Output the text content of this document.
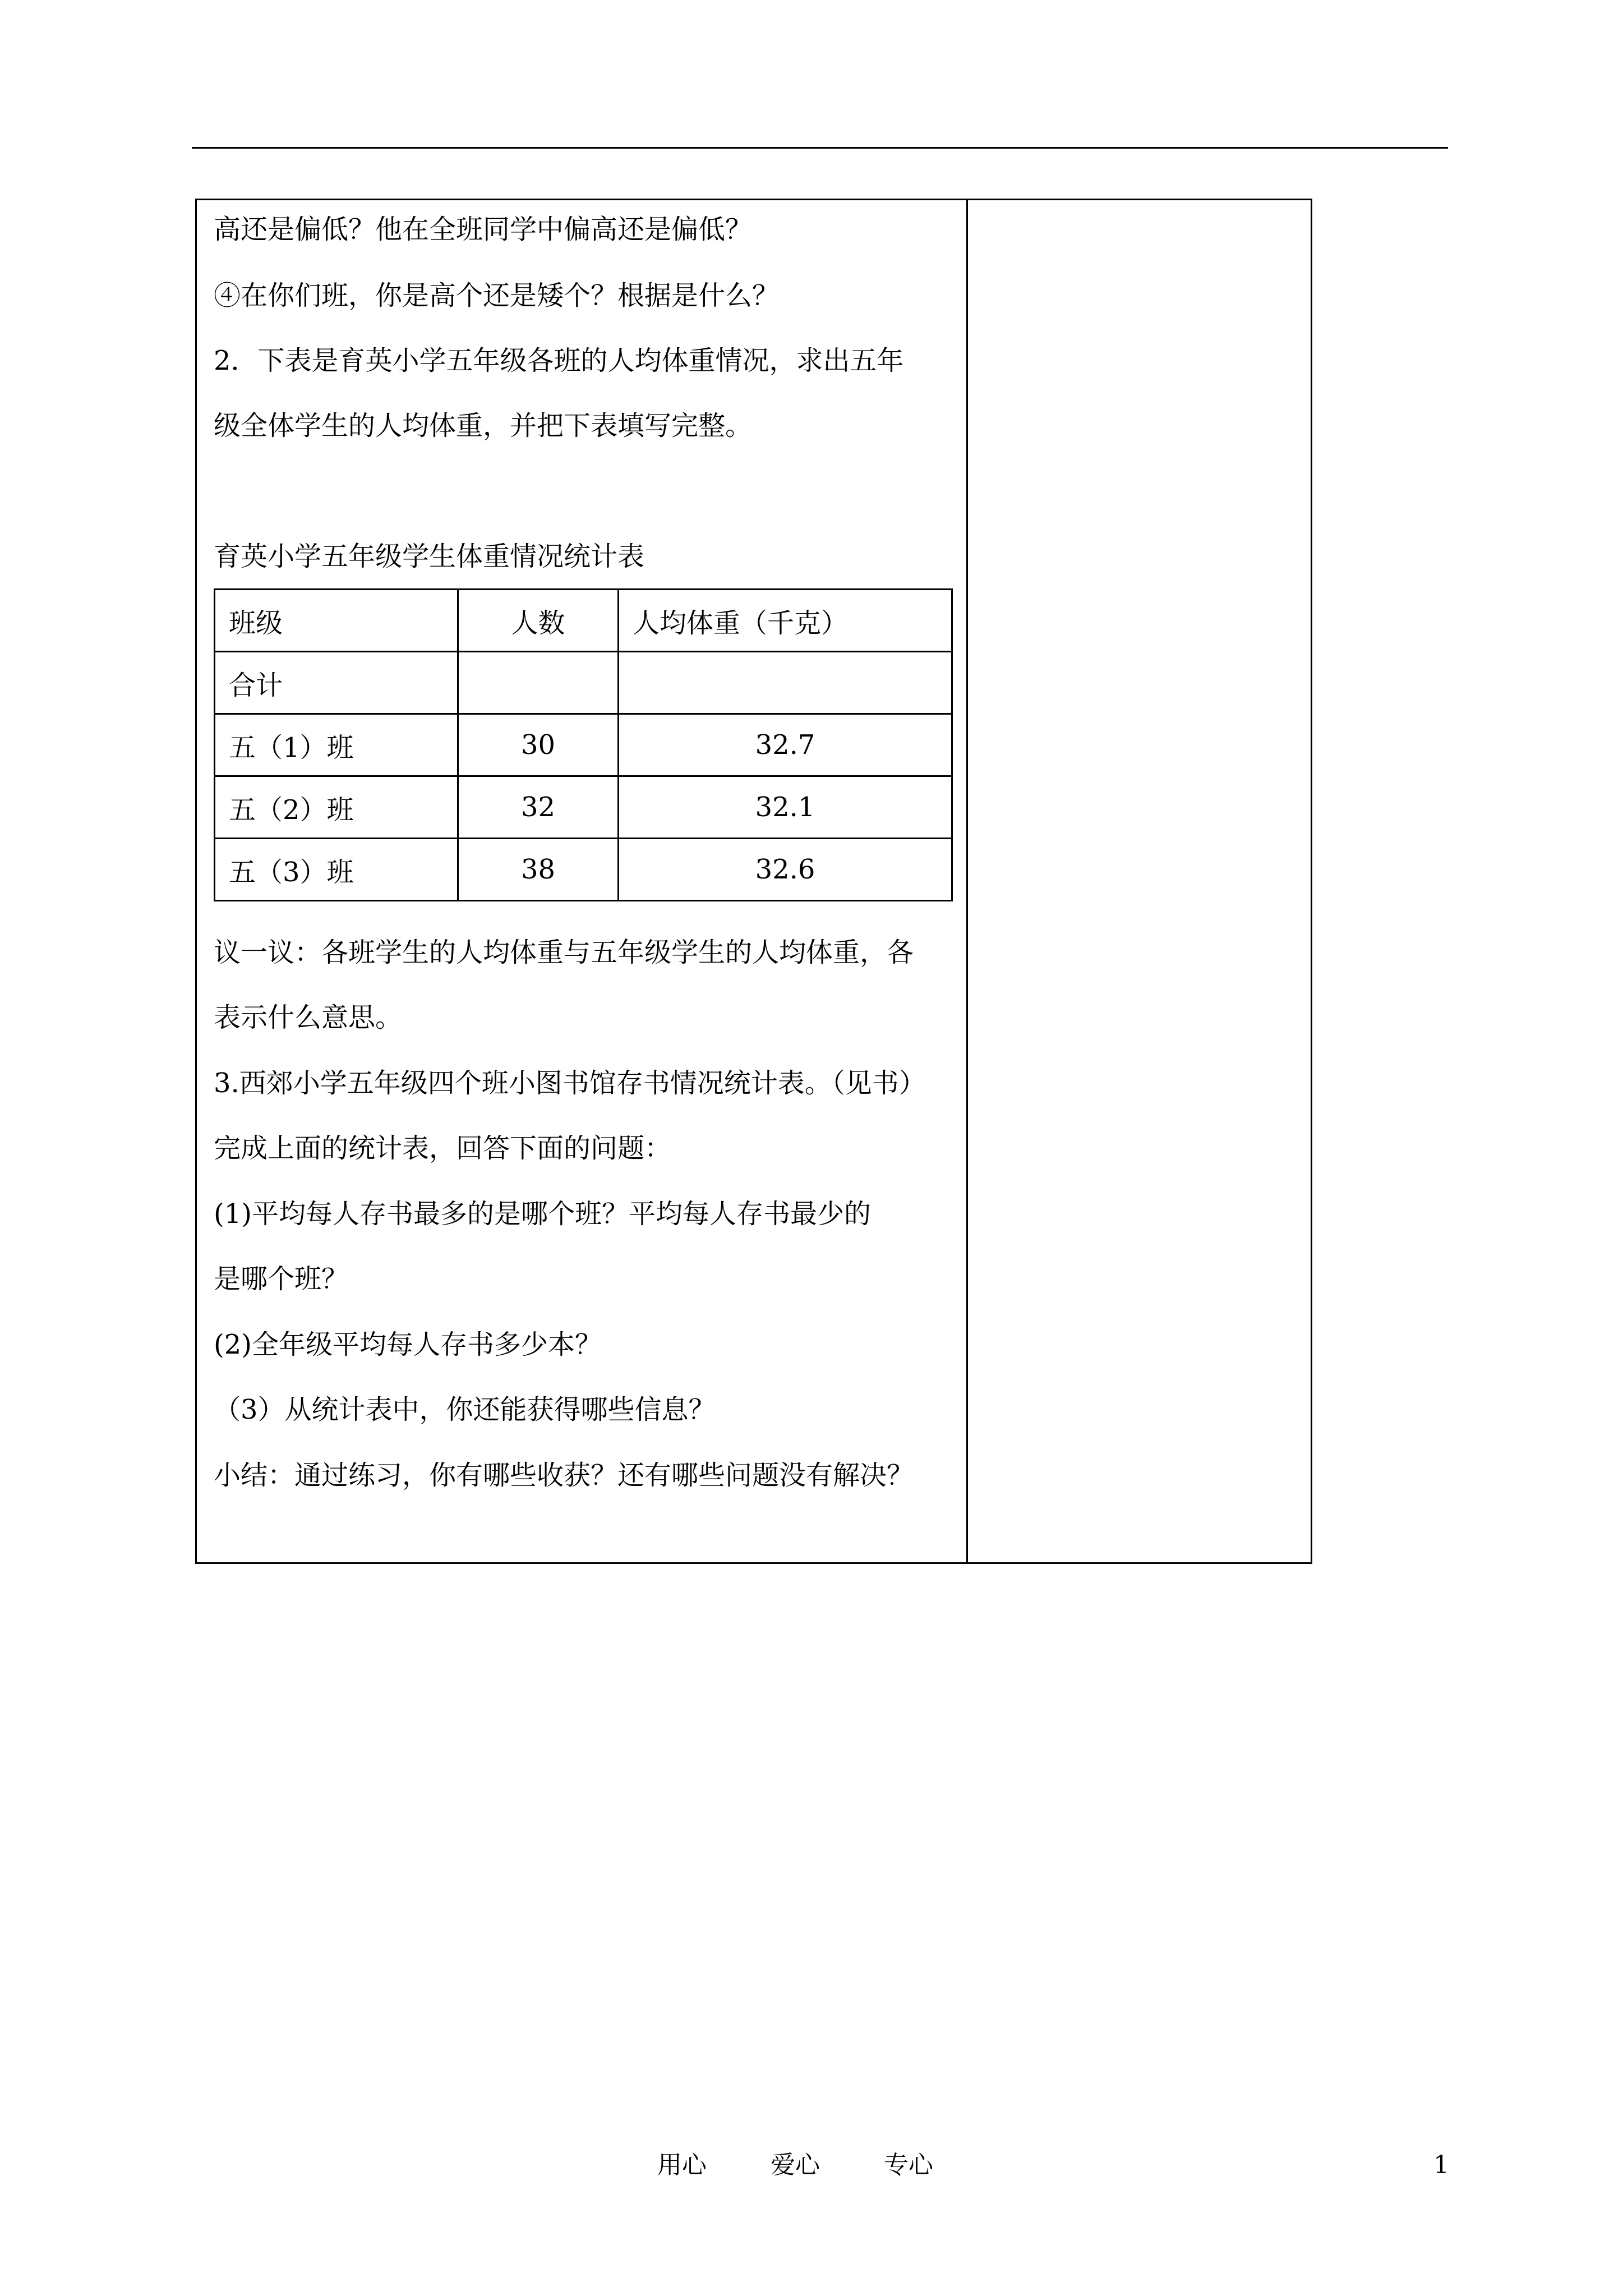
高还是偏低？他在全班同学中偏高还是偏低？
④在你们班，你是高个还是矮个？根据是什么？
2．下表是育英小学五年级各班的人均体重情况，求出五年
级全体学生的人均体重，并把下表填写完整。
育英小学五年级学生体重情况统计表
班级	人数	人均体重（千克）
合计		
五（1）班	30	32.7
五（2）班	32	32.1
五（3）班	38	32.6
议一议：各班学生的人均体重与五年级学生的人均体重，各
表示什么意思。
3.西郊小学五年级四个班小图书馆存书情况统计表。（见书）
完成上面的统计表，回答下面的问题：
(1)平均每人存书最多的是哪个班？平均每人存书最少的
是哪个班？
(2)全年级平均每人存书多少本？
（3）从统计表中，你还能获得哪些信息？
小结：通过练习，你有哪些收获？还有哪些问题没有解决？
用心	爱心	专心	1
